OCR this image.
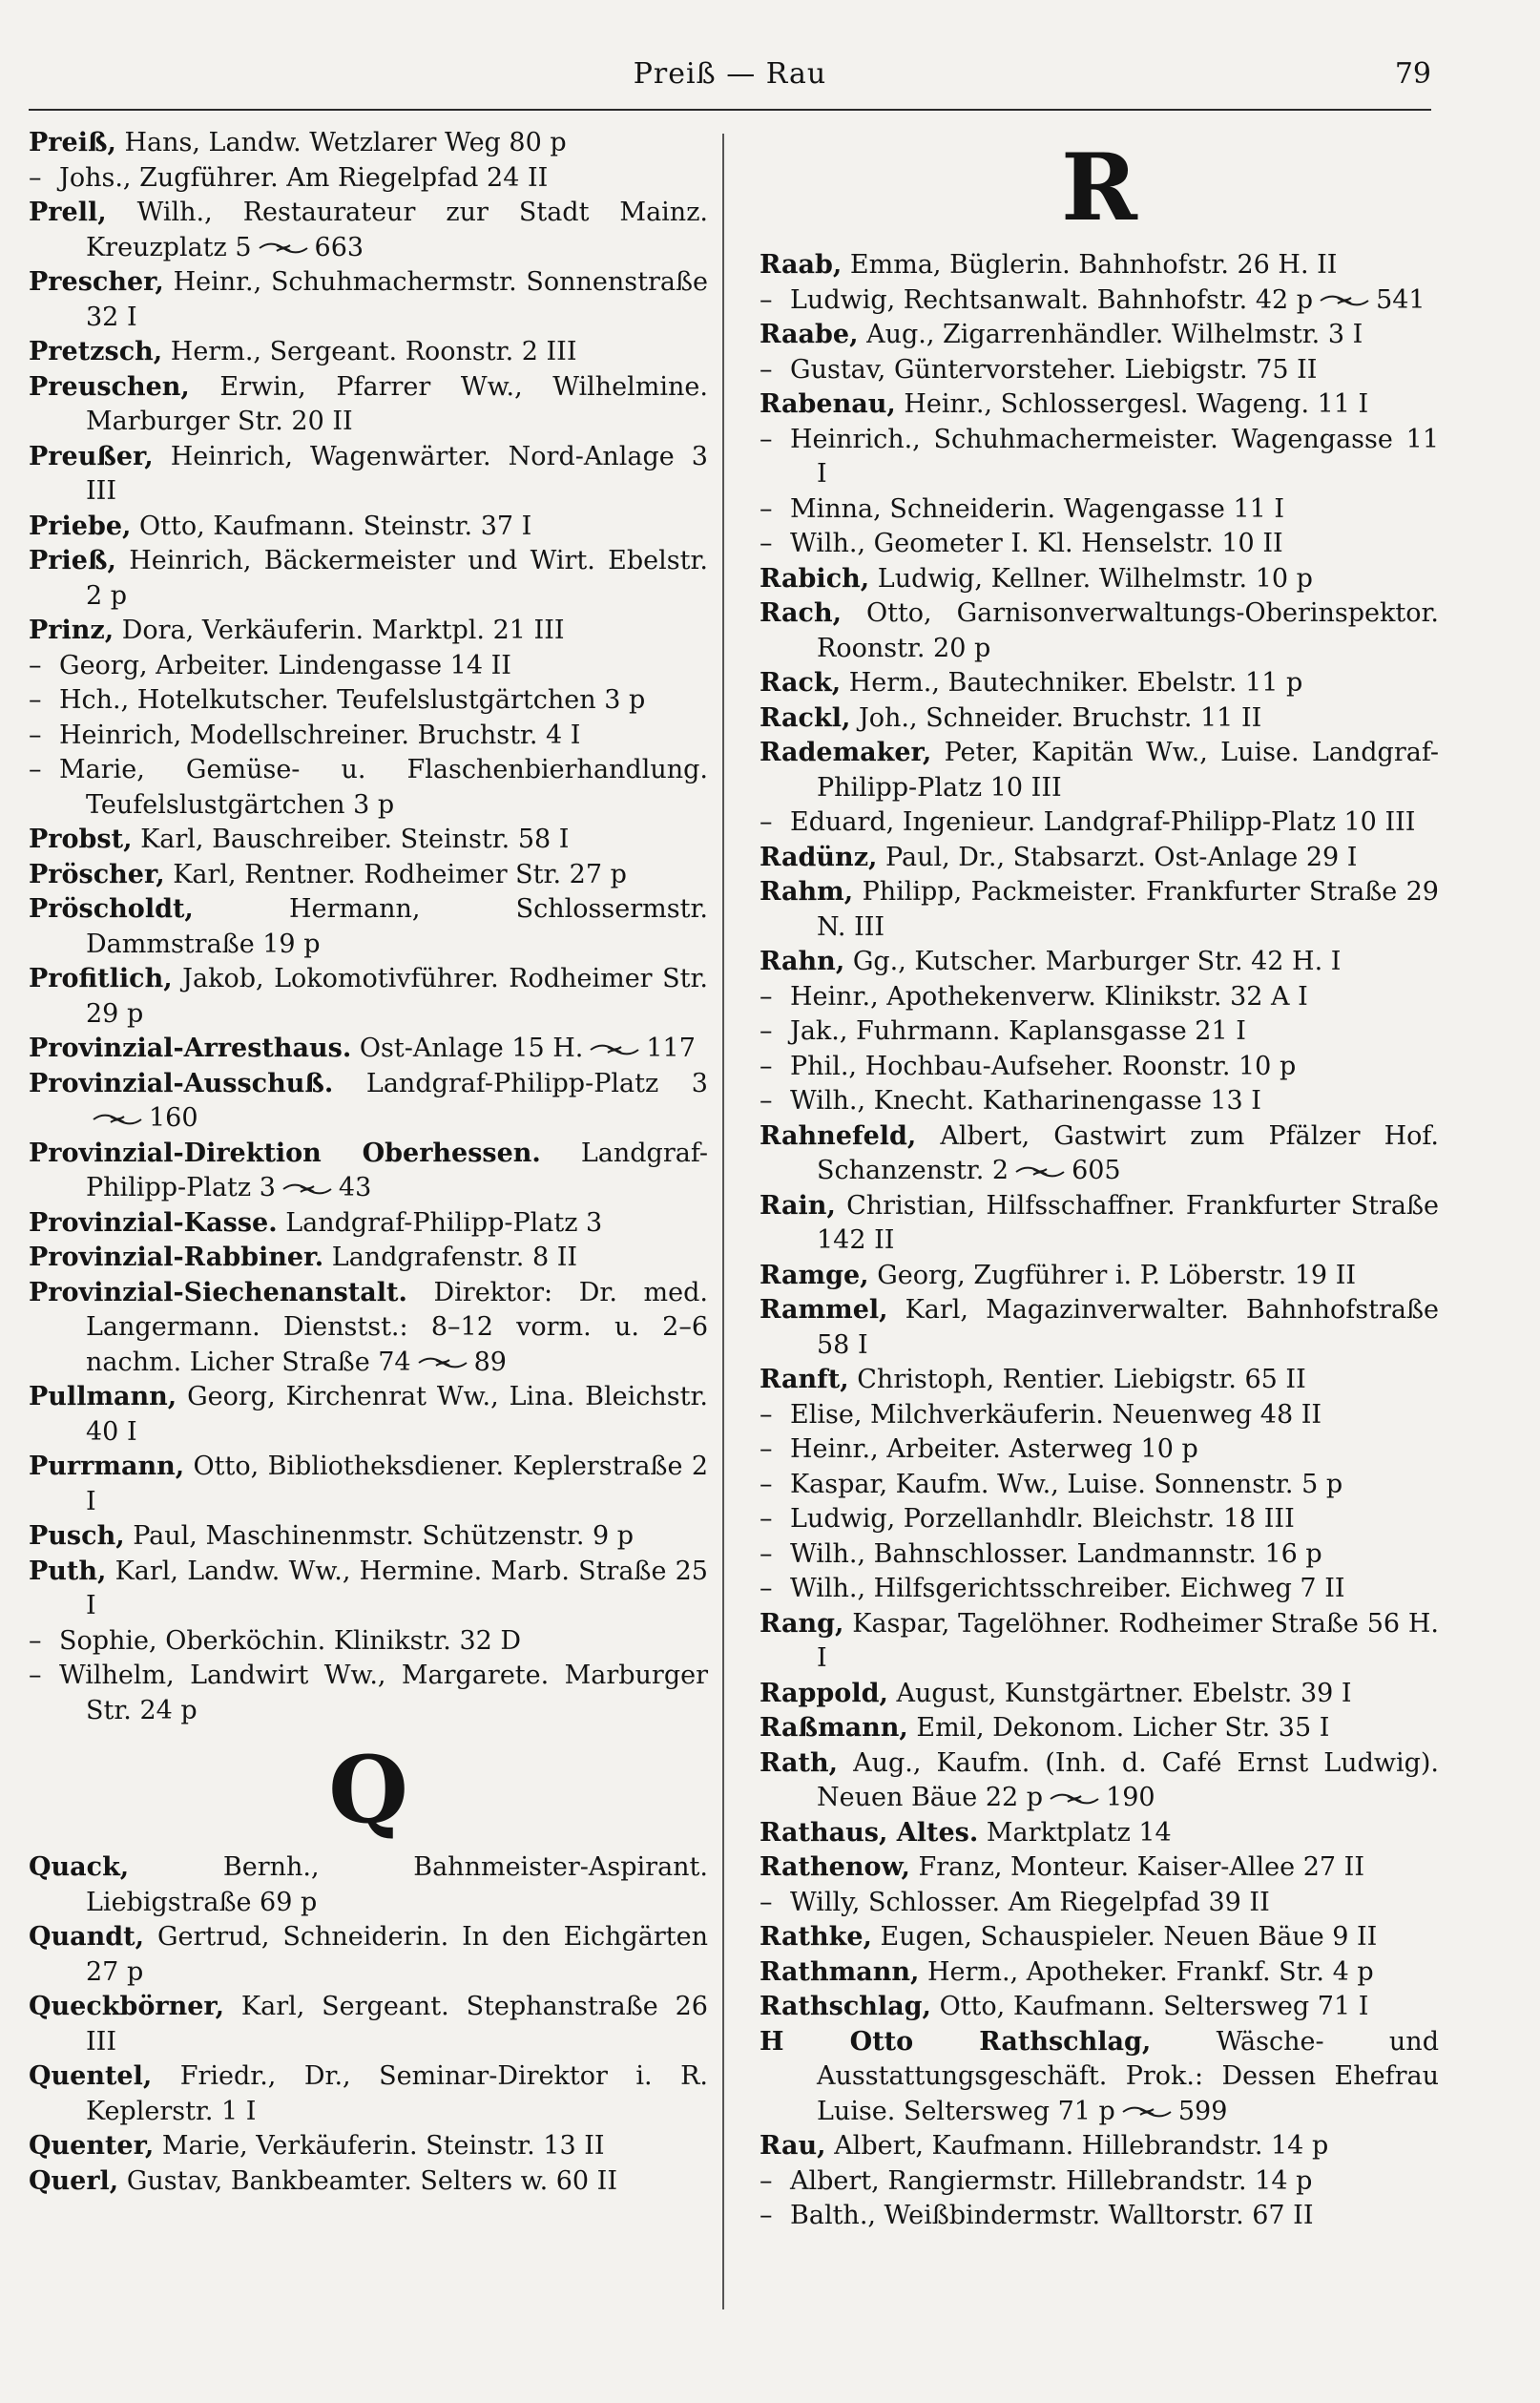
Preiß — Rau	79
Preiß, Hans, Landw. Wetzlarer Weg 80 p
– Johs., Zugführer. Am Riegelpfad 24 II
Prell, Wilh., Restaurateur zur Stadt Mainz. Kreuzplatz 5 663
Prescher, Heinr., Schuhmachermstr. Sonnenstraße 32 I
Pretzsch, Herm., Sergeant. Roonstr. 2 III
Preuschen, Erwin, Pfarrer Ww., Wilhelmine. Marburger Str. 20 II
Preußer, Heinrich, Wagenwärter. Nord-Anlage 3 III
Priebe, Otto, Kaufmann. Steinstr. 37 I
Prieß, Heinrich, Bäckermeister und Wirt. Ebelstr. 2 p
Prinz, Dora, Verkäuferin. Marktpl. 21 III
– Georg, Arbeiter. Lindengasse 14 II
– Hch., Hotelkutscher. Teufelslustgärtchen 3 p
– Heinrich, Modellschreiner. Bruchstr. 4 I
– Marie, Gemüse- u. Flaschenbierhandlung. Teufelslustgärtchen 3 p
Probst, Karl, Bauschreiber. Steinstr. 58 I
Pröscher, Karl, Rentner. Rodheimer Str. 27 p
Pröscholdt,	Hermann, Schlossermstr. Dammstraße 19 p
Profitlich, Jakob, Lokomotivführer. Rodheimer Str. 29 p
Provinzial-Arresthaus. Ost-Anlage 15 H. 117
Provinzial-Ausschuß. Landgraf-Philipp-Platz 3160
Provinzial-Direktion Oberhessen. Landgraf-Philipp-Platz 3 43
Provinzial-Kasse. Landgraf-Philipp-Platz 3
Provinzial-Rabbiner. Landgrafenstr. 8 II
Provinzial-Siechenanstalt. Direktor: Dr. med. Langermann. Dienstst.: 8–12 vorm. u. 2–6 nachm. Licher Straße 74 89
Pullmann, Georg, Kirchenrat Ww., Lina. Bleichstr. 40 I
Purrmann, Otto, Bibliotheksdiener. Keplerstraße 2 I
Pusch, Paul, Maschinenmstr. Schützenstr. 9 p
Puth, Karl, Landw. Ww., Hermine. Marb. Straße 25 I
– Sophie, Oberköchin. Klinikstr. 32 D
– Wilhelm, Landwirt Ww., Margarete. Marburger Str. 24 p
Q
Quack,	Bernh., Bahnmeister-Aspirant. Liebigstraße 69 p
Quandt, Gertrud, Schneiderin. In den Eichgärten 27 p
Queckbörner, Karl, Sergeant. Stephanstraße 26 III
Quentel, Friedr., Dr., Seminar-Direktor i. R. Keplerstr. 1 I
Quenter, Marie, Verkäuferin. Steinstr. 13 II
Querl, Gustav, Bankbeamter. Selters w. 60 II
R
Raab, Emma, Büglerin. Bahnhofstr. 26 H. II
– Ludwig, Rechtsanwalt. Bahnhofstr. 42 p 541
Raabe, Aug., Zigarrenhändler. Wilhelmstr. 3 I
– Gustav, Güntervorsteher. Liebigstr. 75 II
Rabenau, Heinr., Schlossergesl. Wageng. 11 I
– Heinrich., Schuhmachermeister. Wagengasse 11 I
– Minna, Schneiderin. Wagengasse 11 I
– Wilh., Geometer I. Kl. Henselstr. 10 II
Rabich, Ludwig, Kellner. Wilhelmstr. 10 p
Rach, Otto, Garnisonverwaltungs-Oberinspektor. Roonstr. 20 p
Rack, Herm., Bautechniker. Ebelstr. 11 p
Rackl, Joh., Schneider. Bruchstr. 11 II
Rademaker, Peter, Kapitän Ww., Luise. Landgraf-Philipp-Platz 10 III
– Eduard, Ingenieur. Landgraf-Philipp-Platz 10 III
Radünz, Paul, Dr., Stabsarzt. Ost-Anlage 29 I
Rahm, Philipp, Packmeister. Frankfurter Straße 29 N. III
Rahn, Gg., Kutscher. Marburger Str. 42 H. I
– Heinr., Apothekenverw. Klinikstr. 32 A I
– Jak., Fuhrmann. Kaplansgasse 21 I
– Phil., Hochbau-Aufseher. Roonstr. 10 p
– Wilh., Knecht. Katharinengasse 13 I
Rahnefeld, Albert, Gastwirt zum Pfälzer Hof. Schanzenstr. 2 605
Rain, Christian, Hilfsschaffner. Frankfurter Straße 142 II
Ramge, Georg, Zugführer i. P. Löberstr. 19 II
Rammel, Karl, Magazinverwalter. Bahnhofstraße 58 I
Ranft, Christoph, Rentier. Liebigstr. 65 II
– Elise, Milchverkäuferin. Neuenweg 48 II
– Heinr., Arbeiter. Asterweg 10 p
– Kaspar, Kaufm. Ww., Luise. Sonnenstr. 5 p
– Ludwig, Porzellanhdlr. Bleichstr. 18 III
– Wilh., Bahnschlosser. Landmannstr. 16 p
– Wilh., Hilfsgerichtsschreiber. Eichweg 7 II
Rang, Kaspar, Tagelöhner. Rodheimer Straße 56 H. I
Rappold, August, Kunstgärtner. Ebelstr. 39 I
Raßmann, Emil, Dekonom. Licher Str. 35 I
Rath, Aug., Kaufm. (Inh. d. Café Ernst Ludwig). Neuen Bäue 22 p 190
Rathaus, Altes. Marktplatz 14
Rathenow, Franz, Monteur. Kaiser-Allee 27 II
– Willy, Schlosser. Am Riegelpfad 39 II
Rathke, Eugen, Schauspieler. Neuen Bäue 9 II
Rathmann, Herm., Apotheker. Frankf. Str. 4 p
Rathschlag, Otto, Kaufmann. Seltersweg 71 I
H Otto Rathschlag,	Wäsche- und Ausstattungsgeschäft. Prok.: Dessen Ehefrau Luise. Seltersweg 71 p 599
Rau, Albert, Kaufmann. Hillebrandstr. 14 p
– Albert, Rangiermstr. Hillebrandstr. 14 p
– Balth., Weißbindermstr. Walltorstr. 67 II
